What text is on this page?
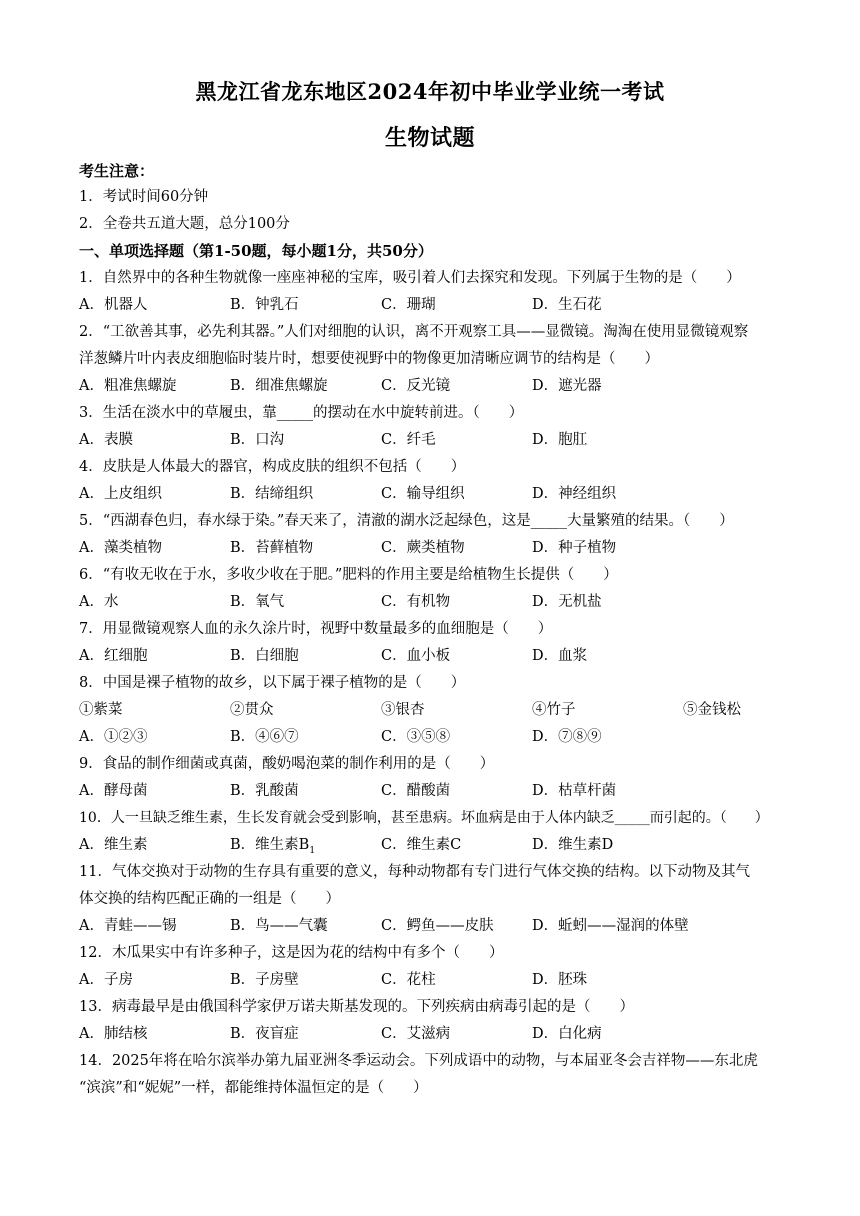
黑龙江省龙东地区2024年初中毕业学业统一考试
生物试题
考生注意：
1．考试时间60分钟
2．全卷共五道大题，总分100分
一、单项选择题（第1-50题，每小题1分，共50分）
1．自然界中的各种生物就像一座座神秘的宝库，吸引着人们去探究和发现。下列属于生物的是（　　）
A．机器人	B．钟乳石	C．珊瑚	D．生石花
2．“工欲善其事，必先利其器。”人们对细胞的认识，离不开观察工具——显微镜。淘淘在使用显微镜观察
洋葱鳞片叶内表皮细胞临时装片时，想要使视野中的物像更加清晰应调节的结构是（　　）
A．粗准焦螺旋	B．细准焦螺旋	C．反光镜	D．遮光器
3．生活在淡水中的草履虫，靠_____的摆动在水中旋转前进。（　　）
A．表膜	B．口沟	C．纤毛	D．胞肛
4．皮肤是人体最大的器官，构成皮肤的组织不包括（　　）
A．上皮组织	B．结缔组织	C．输导组织	D．神经组织
5．“西湖春色归，春水绿于染。”春天来了，清澈的湖水泛起绿色，这是_____大量繁殖的结果。（　　）
A．藻类植物	B．苔藓植物	C．蕨类植物	D．种子植物
6．“有收无收在于水，多收少收在于肥。”肥料的作用主要是给植物生长提供（　　）
A．水	B．氧气	C．有机物	D．无机盐
7．用显微镜观察人血的永久涂片时，视野中数量最多的血细胞是（　　）
A．红细胞	B．白细胞	C．血小板	D．血浆
8．中国是裸子植物的故乡，以下属于裸子植物的是（　　）
①紫菜	②贯众	③银杏	④竹子	⑤金钱松
A．①②③	B．④⑥⑦	C．③⑤⑧	D．⑦⑧⑨
9．食品的制作细菌或真菌，酸奶喝泡菜的制作利用的是（　　）
A．酵母菌	B．乳酸菌	C．醋酸菌	D．枯草杆菌
10．人一旦缺乏维生素，生长发育就会受到影响，甚至患病。坏血病是由于人体内缺乏_____而引起的。（　　）
A．维生素	B．维生素$B_1$	C．维生素C	D．维生素D
11．气体交换对于动物的生存具有重要的意义，每种动物都有专门进行气体交换的结构。以下动物及其气
体交换的结构匹配正确的一组是（　　）
A．青蛙——锡	B．鸟——气囊	C．鳄鱼——皮肤	D．蚯蚓——湿润的体壁
12．木瓜果实中有许多种子，这是因为花的结构中有多个（　　）
A．子房	B．子房壁	C．花柱	D．胚珠
13．病毒最早是由俄国科学家伊万诺夫斯基发现的。下列疾病由病毒引起的是（　　）
A．肺结核	B．夜盲症	C．艾滋病	D．白化病
14．2025年将在哈尔滨举办第九届亚洲冬季运动会。下列成语中的动物，与本届亚冬会吉祥物——东北虎
“滨滨”和“妮妮”一样，都能维持体温恒定的是（　　）
